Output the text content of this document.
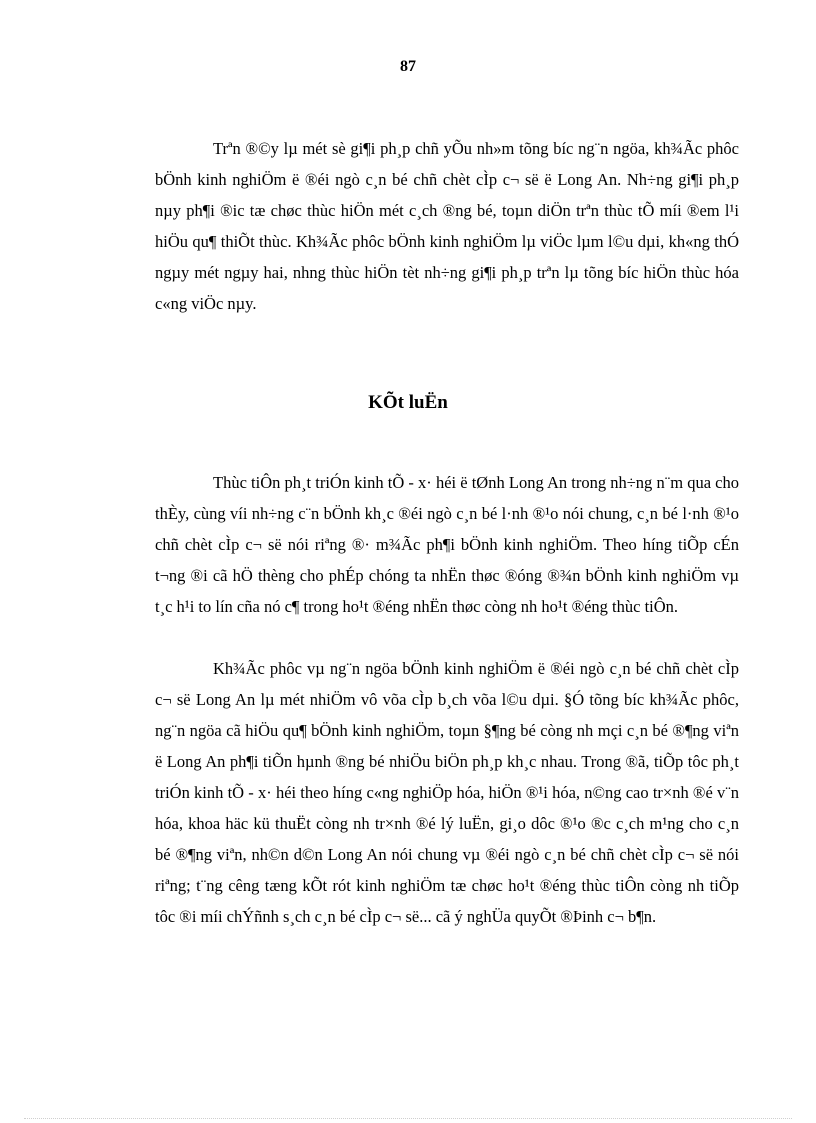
87

Trªn ®©y lµ mét sè gi¶i ph¸p chñ yÕu nh»m tõng bíc ng¨n ngöa, kh¾Ãc phôc bÖnh kinh nghiÖm ë ®éi ngò c¸n bé chñ chèt cÌp c¬ së ë Long An. Nh÷ng gi¶i ph¸p nµy ph¶i ®ic tæ chøc thùc hiÖn mét c¸ch ®ng bé, toµn diÖn trªn thùc tÕ míi ®em l¹i hiÖu qu¶ thiÕt thùc. Kh¾Ãc phôc bÖnh kinh nghiÖm lµ viÖc lµm l©u dµi, kh«ng thÓ ngµy mét ngµy hai, nhng thùc hiÖn tèt nh÷ng gi¶i ph¸p trªn lµ tõng bíc hiÖn thùc hóa c«ng viÖc nµy.

KÕt luËn

Thùc tiÔn ph¸t triÓn kinh tÕ - x· héi ë tØnh Long An trong nh÷ng n¨m qua cho thÈy, cùng víi nh÷ng c¨n bÖnh kh¸c ®éi ngò c¸n bé l·nh ®¹o nói chung, c¸n bé l·nh ®¹o chñ chèt cÌp c¬ së nói riªng ®· m¾Ãc ph¶i bÖnh kinh nghiÖm. Theo híng tiÕp cÉn t¬ng ®i cã hÖ thèng cho phÉp chóng ta nhËn thøc ®óng ®¾n bÖnh kinh nghiÖm vµ t¸c h¹i to lín cña nó c¶ trong ho¹t ®éng nhËn thøc còng nh ho¹t ®éng thùc tiÔn.

Kh¾Ãc phôc vµ ng¨n ngöa bÖnh kinh nghiÖm ë ®éi ngò c¸n bé chñ chèt cÌp c¬ së Long An lµ mét nhiÖm vô võa cÌp b¸ch võa l©u dµi. §Ó tõng bíc kh¾Ãc phôc, ng¨n ngöa cã hiÖu qu¶ bÖnh kinh nghiÖm, toµn §¶ng bé còng nh mçi c¸n bé ®¶ng viªn ë Long An ph¶i tiÕn hµnh ®ng bé nhiÖu biÖn ph¸p kh¸c nhau. Trong ®ã, tiÕp tôc ph¸t triÓn kinh tÕ - x· héi theo híng c«ng nghiÖp hóa, hiÖn ®¹i hóa, n©ng cao tr×nh ®é v¨n hóa, khoa häc kü thuËt còng nh tr×nh ®é lý luËn, gi¸o dôc ®¹o ®c c¸ch m¹ng cho c¸n bé ®¶ng viªn, nh©n d©n Long An nói chung vµ ®éi ngò c¸n bé chñ chèt cÌp c¬ së nói riªng; t¨ng cêng tæng kÕt rót kinh nghiÖm tæ chøc ho¹t ®éng thùc tiÔn còng nh tiÕp tôc ®i míi chÝñnh s¸ch c¸n bé cÌp c¬ së... cã ý nghÜa quyÕt ®Þinh c¬ b¶n.
